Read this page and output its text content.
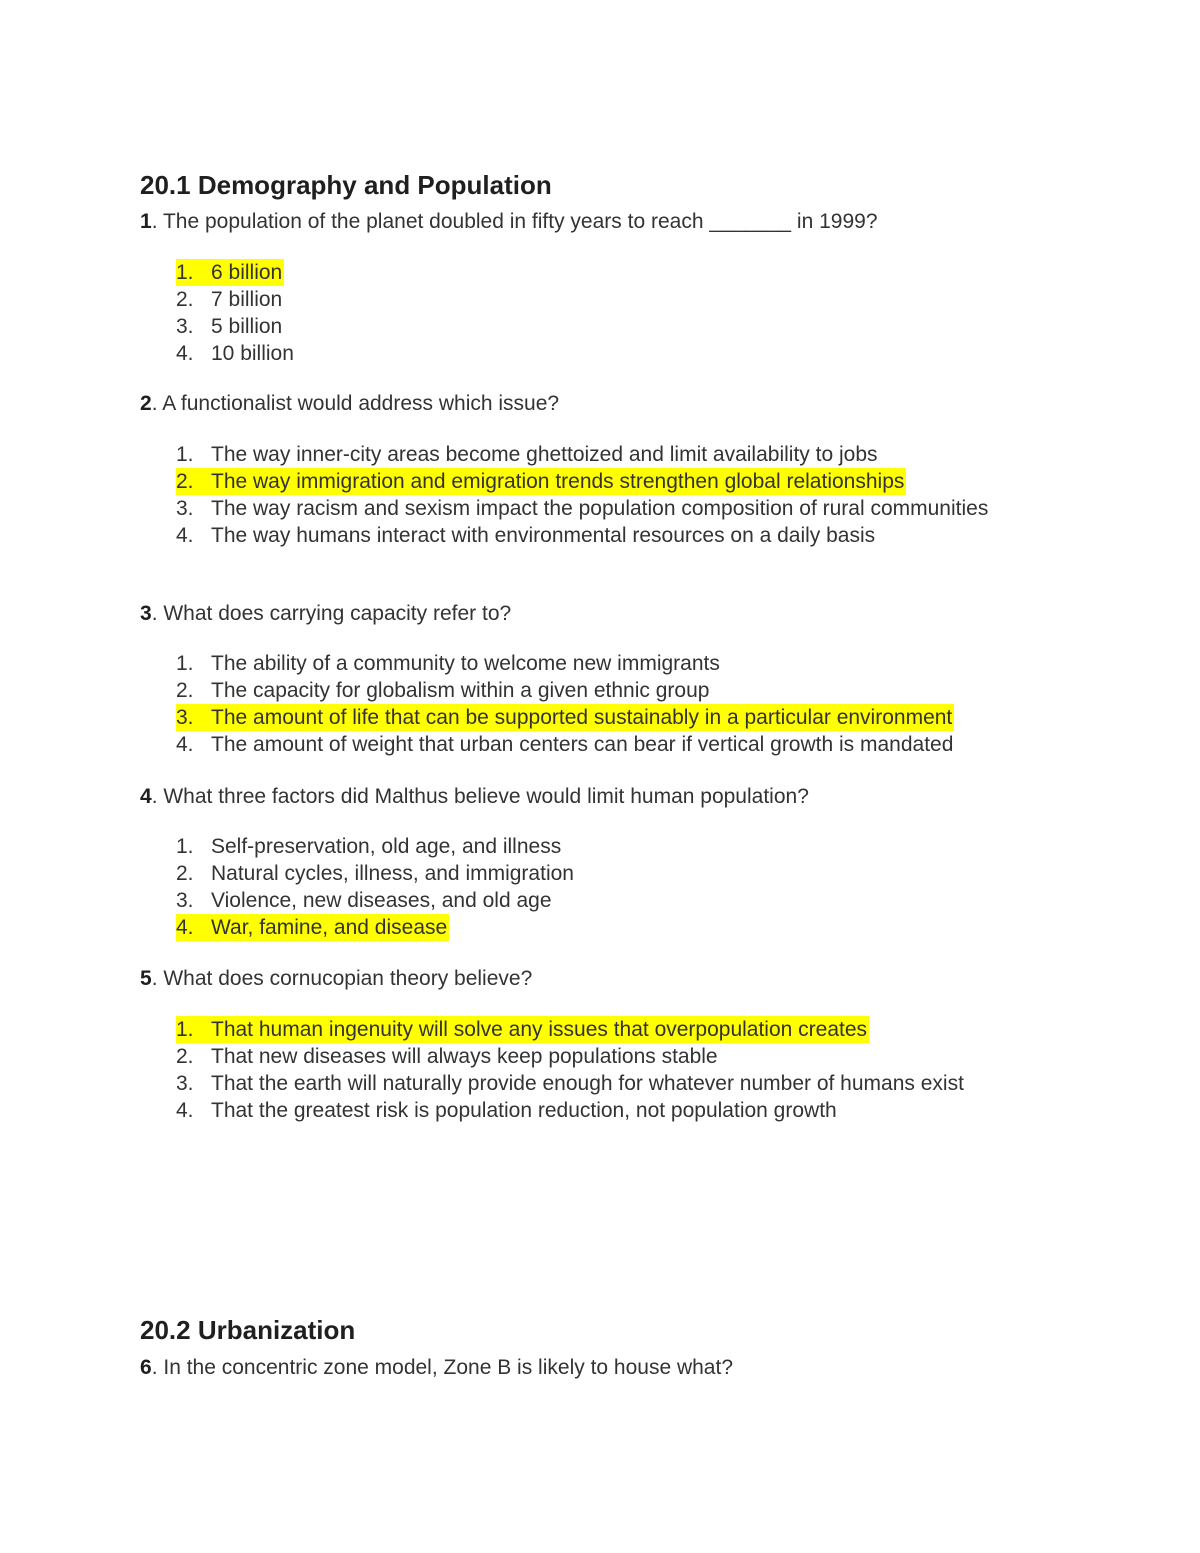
20.1 Demography and Population

1. The population of the planet doubled in fifty years to reach _______ in 1999?

1. 6 billion
2. 7 billion
3. 5 billion
4. 10 billion

2. A functionalist would address which issue?

1. The way inner-city areas become ghettoized and limit availability to jobs
2. The way immigration and emigration trends strengthen global relationships
3. The way racism and sexism impact the population composition of rural communities
4. The way humans interact with environmental resources on a daily basis

3. What does carrying capacity refer to?

1. The ability of a community to welcome new immigrants
2. The capacity for globalism within a given ethnic group
3. The amount of life that can be supported sustainably in a particular environment
4. The amount of weight that urban centers can bear if vertical growth is mandated

4. What three factors did Malthus believe would limit human population?

1. Self-preservation, old age, and illness
2. Natural cycles, illness, and immigration
3. Violence, new diseases, and old age
4. War, famine, and disease

5. What does cornucopian theory believe?

1. That human ingenuity will solve any issues that overpopulation creates
2. That new diseases will always keep populations stable
3. That the earth will naturally provide enough for whatever number of humans exist
4. That the greatest risk is population reduction, not population growth
20.2 Urbanization

6. In the concentric zone model, Zone B is likely to house what?
